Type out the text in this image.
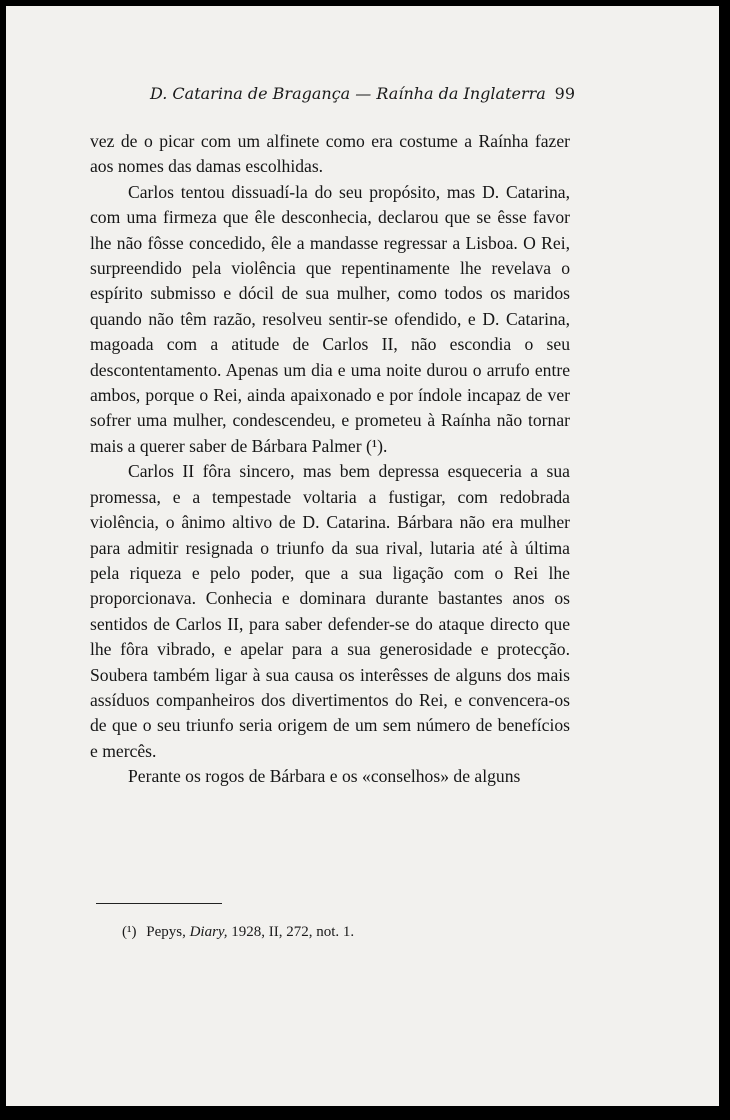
D. Catarina de Bragança — Raínha da Inglaterra 99

vez de o picar com um alfinete como era costume a Raínha fazer aos nomes das damas escolhidas.

Carlos tentou dissuadí-la do seu propósito, mas D. Catarina, com uma firmeza que êle desconhecia, declarou que se êsse favor lhe não fôsse concedido, êle a mandasse regressar a Lisboa. O Rei, surpreendido pela violência que repentinamente lhe revelava o espírito submisso e dócil de sua mulher, como todos os maridos quando não têm razão, resolveu sentir-se ofendido, e D. Catarina, magoada com a atitude de Carlos II, não escondia o seu descontentamento. Apenas um dia e uma noite durou o arrufo entre ambos, porque o Rei, ainda apaixonado e por índole incapaz de ver sofrer uma mulher, condescendeu, e prometeu à Raínha não tornar mais a querer saber de Bárbara Palmer (¹).

Carlos II fôra sincero, mas bem depressa esqueceria a sua promessa, e a tempestade voltaria a fustigar, com redobrada violência, o ânimo altivo de D. Catarina. Bárbara não era mulher para admitir resignada o triunfo da sua rival, lutaria até à última pela riqueza e pelo poder, que a sua ligação com o Rei lhe proporcionava. Conhecia e dominara durante bastantes anos os sentidos de Carlos II, para saber defender-se do ataque directo que lhe fôra vibrado, e apelar para a sua generosidade e protecção. Soubera também ligar à sua causa os interêsses de alguns dos mais assíduos companheiros dos divertimentos do Rei, e convencera-os de que o seu triunfo seria origem de um sem número de benefícios e mercês.

Perante os rogos de Bárbara e os «conselhos» de alguns

(¹) Pepys, Diary, 1928, II, 272, not. 1.
